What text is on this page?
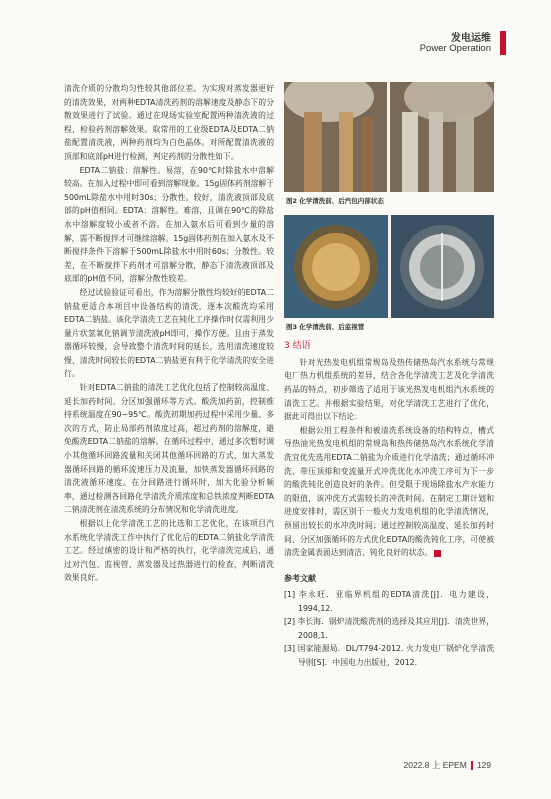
发电运维
Power Operation

清洗介质的分散均匀性较其他部位差。为实现对蒸发器更好的清洗效果，对两种EDTA清洗药剂的溶解速度及静态下的分散效果进行了试验。通过在现场实验室配置两种清洗液的过程，检验药剂溶解效果。取常用的工业级EDTA及EDTA二钠盐配置清洗液，两种药剂均为白色晶体。对所配置清洗液的顶部和底部pH进行检测，判定药剂的分散性如下。

EDTA二钠盐：溶解性。易溶，在90℃时除盐水中溶解较高。在加入过程中即可看到溶解现象。15g固体药剂溶解于500mL除盐水中用时30s；分散性。较好，清洗液顶部及底部的pH值相同。EDTA：溶解性。难溶，且调在90℃的除盐水中溶解度较小或者不溶。在加入氨水后可看到少量的溶解，需不断搅拌才可继续溶解。15g固体药剂在加入氨水及不断搅拌条件下溶解于500mL除盐水中用时60s；分散性。较差，在不断搅拌下药剂才可溶解分散，静态下清洗液顶部及底部的pH值不同，溶解分散性较差。

经过试验验证可看出，作为溶解分散性均较好的EDTA二钠盐更适合本项目中设备结构的清洗，逐本次酸洗均采用EDTA二钠盐。该化学清洗工艺在钝化工序操作时仅需利用少量片状氢氧化钠调节清洗液pH即可，操作方便。且由于蒸发器循环较慢，会导致整个清洗时间的延长，选用清洗速度较慢、清洗时间较长的EDTA二钠盐更有利于化学清洗的安全进行。

针对EDTA二钠盐的清洗工艺优化包括了控制较高温度、延长加药时间、分区加强循环等方式。酸洗加药前，控制推持系统温度在90~95℃。酸洗初期加药过程中采用少量、多次的方式，防止局部药剂浓度过高，超过药剂的溶解度，避免酸洗EDTA二钠盐的溶解。在循环过程中，通过多次暂时调小其他循环回路流量和关闭其他循环回路的方式，加大蒸发器循环回路的循环流速压力及流量，加快蒸发器循环回路的清洗液循环速度。在分回路进行循环时，加大化验分析频率，通过检测各回路化学清洗介质浓度和总铁浓度判断EDTA二钠清洗剂在清洗系统的分布情况和化学清洗进度。

根据以上化学清洗工艺的比选和工艺优化，在该项目汽水系统化学清洗工作中执行了优化后的EDTA二钠盐化学清洗工艺。经过缜密的设计和严格的执行，化学清洗完成后，通过对汽包、监视管、蒸发器及过热器进行的检查，判断清洗效果良好。

图2 化学清洗前、后汽包内部状态
图3 化学清洗前、后监视管
3 结语

针对光热发电机组常规岛及热传储热岛汽水系统与常规电厂热力机组系统的差异，结合各化学清洗工艺及化学清洗药品的特点，初步筛选了适用于该光热发电机组汽水系统的清洗工艺。并根据实验结果，对化学清洗工艺进行了优化，据此可得出以下结论：

根据公用工程条件和被清洗系统设备的结构特点，槽式导热油光热发电机组的常规岛和热传储热岛汽水系统化学清洗宜优先选用EDTA二钠盐为介质进行化学清洗；通过循环冲洗、带压顶排和变流量开式冲洗优化水冲洗工序可为下一步的酸洗钝化创造良好的条件。但受限于现场除盐水产水能力的限值，该冲洗方式需较长的冲洗时间。在制定工期计划和进度安排时，需区别于一般火力发电机组的化学清洗情况，预留出较长的水冲洗时间；通过控制较高温度、延长加药时间、分区加强循环的方式优化EDTA的酸洗钝化工序，可使被清洗金属表面达到清洁、钝化良好的状态。

参考文献
[1] 李永旺．亚临界机组的EDTA清洗[J]．电力建设，1994,12.
[2] 李长海．锅炉清洗酸洗剂的选择及其应用[J]．清洗世界，2008,1.
[3] 国家能源局．DL/T794-2012. 火力发电厂锅炉化学清洗导则[S]．中国电力出版社，2012.
2022.8 上 EPEM 129
